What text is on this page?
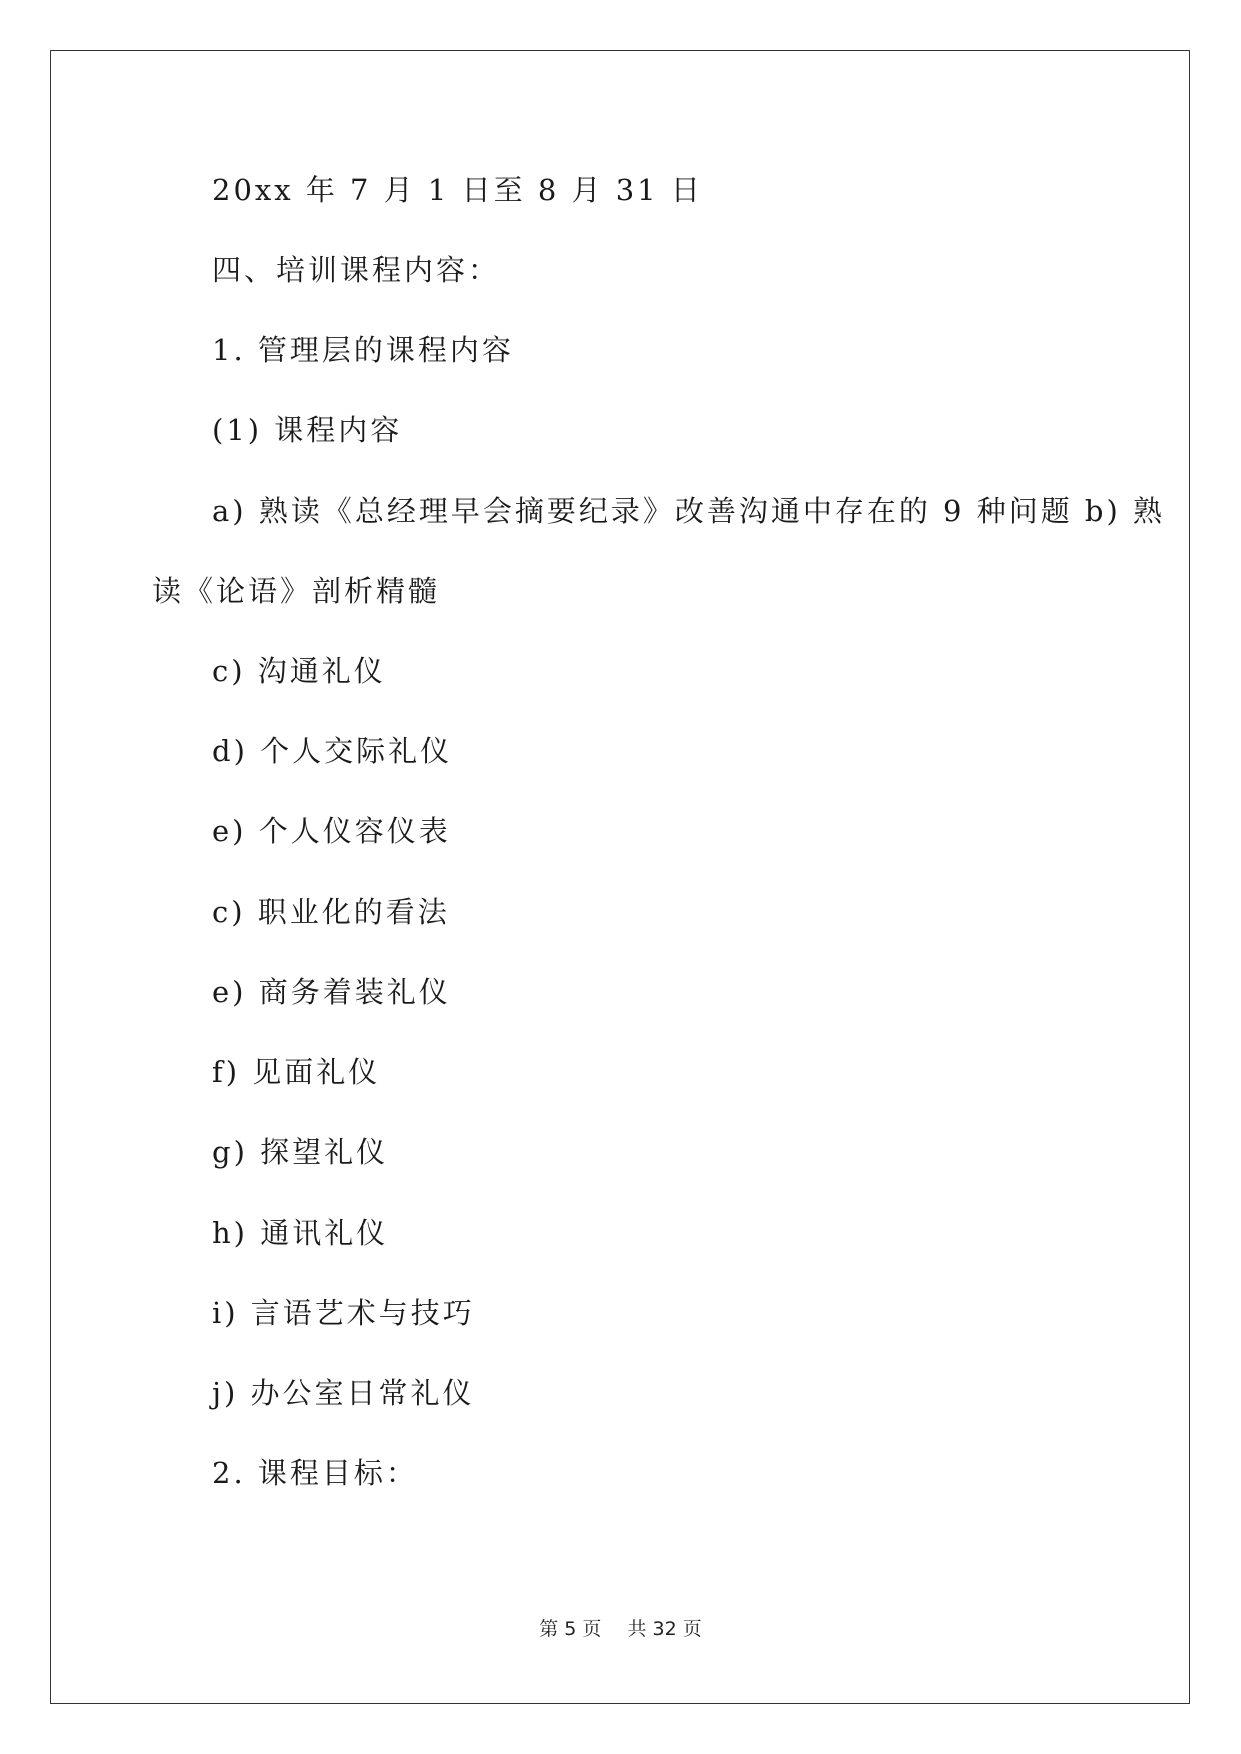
20xx 年 7 月 1 日至 8 月 31 日
四、培训课程内容：
1. 管理层的课程内容
(1) 课程内容
a) 熟读《总经理早会摘要纪录》改善沟通中存在的 9 种问题 b) 熟
读《论语》剖析精髓
c) 沟通礼仪
d) 个人交际礼仪
e) 个人仪容仪表
c) 职业化的看法
e) 商务着装礼仪
f) 见面礼仪
g) 探望礼仪
h) 通讯礼仪
i) 言语艺术与技巧
j) 办公室日常礼仪
2. 课程目标：
第 5 页 共 32 页
